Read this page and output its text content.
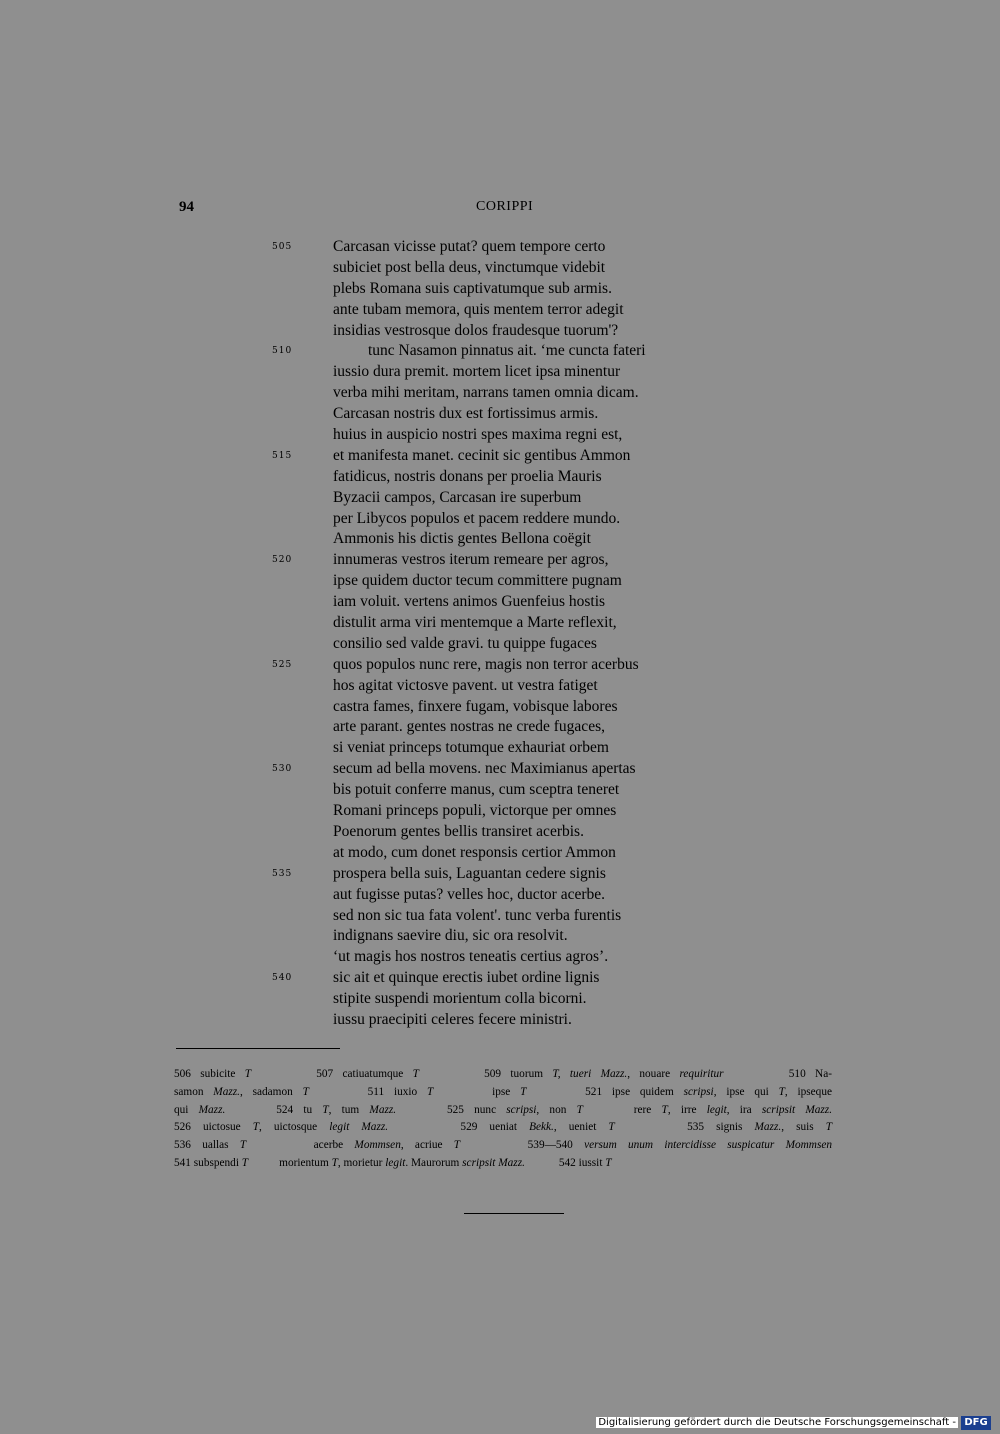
94	CORIPPI
505	Carcasan vicisse putat? quem tempore certo
subiciet post bella deus, vinctumque videbit
plebs Romana suis captivatumque sub armis.
ante tubam memora, quis mentem terror adegit
insidias vestrosque dolos fraudesque tuorum'?
510	tunc Nasamon pinnatus ait. ‘me cuncta fateri
iussio dura premit. mortem licet ipsa minentur
verba mihi meritam, narrans tamen omnia dicam.
Carcasan nostris dux est fortissimus armis.
huius in auspicio nostri spes maxima regni est,
515	et manifesta manet. cecinit sic gentibus Ammon
fatidicus, nostris donans per proelia Mauris
Byzacii campos, Carcasan ire superbum
per Libycos populos et pacem reddere mundo.
Ammonis his dictis gentes Bellona coëgit
520	innumeras vestros iterum remeare per agros,
ipse quidem ductor tecum committere pugnam
iam voluit. vertens animos Guenfeius hostis
distulit arma viri mentemque a Marte reflexit,
consilio sed valde gravi. tu quippe fugaces
525	quos populos nunc rere, magis non terror acerbus
hos agitat victosve pavent. ut vestra fatiget
castra fames, finxere fugam, vobisque labores
arte parant. gentes nostras ne crede fugaces,
si veniat princeps totumque exhauriat orbem
530	secum ad bella movens. nec Maximianus apertas
bis potuit conferre manus, cum sceptra teneret
Romani princeps populi, victorque per omnes
Poenorum gentes bellis transiret acerbis.
at modo, cum donet responsis certior Ammon
535	prospera bella suis, Laguantan cedere signis
aut fugisse putas? velles hoc, ductor acerbe.
sed non sic tua fata volent'. tunc verba furentis
indignans saevire diu, sic ora resolvit.
‘ut magis hos nostros teneatis certius agros’.
540	sic ait et quinque erectis iubet ordine lignis
stipite suspendi morientum colla bicorni.
iussu praecipiti celeres fecere ministri.
506 subicite T	507 catiuatumque T	509 tuorum T, tueri Mazz., nouare requiritur	510 Na-
samon Mazz., sadamon T	511 iuxio T	ipse T	521 ipse quidem scripsi, ipse qui T, ipseque
qui Mazz.	524 tu T, tum Mazz.	525 nunc scripsi, non T	rere T, irre legit, ira scripsit Mazz.
526 uictosue T, uictosque legit Mazz.	529 ueniat Bekk., ueniet T	535 signis Mazz., suis T
536 uallas T	acerbe Mommsen, acriue T	539—540 versum unum intercidisse suspicatur Mommsen
541 subspendi T	morientum T, morietur legit. Maurorum scripsit Mazz.	542 iussit T
Digitalisierung gefördert durch die Deutsche Forschungsgemeinschaft - DFG
